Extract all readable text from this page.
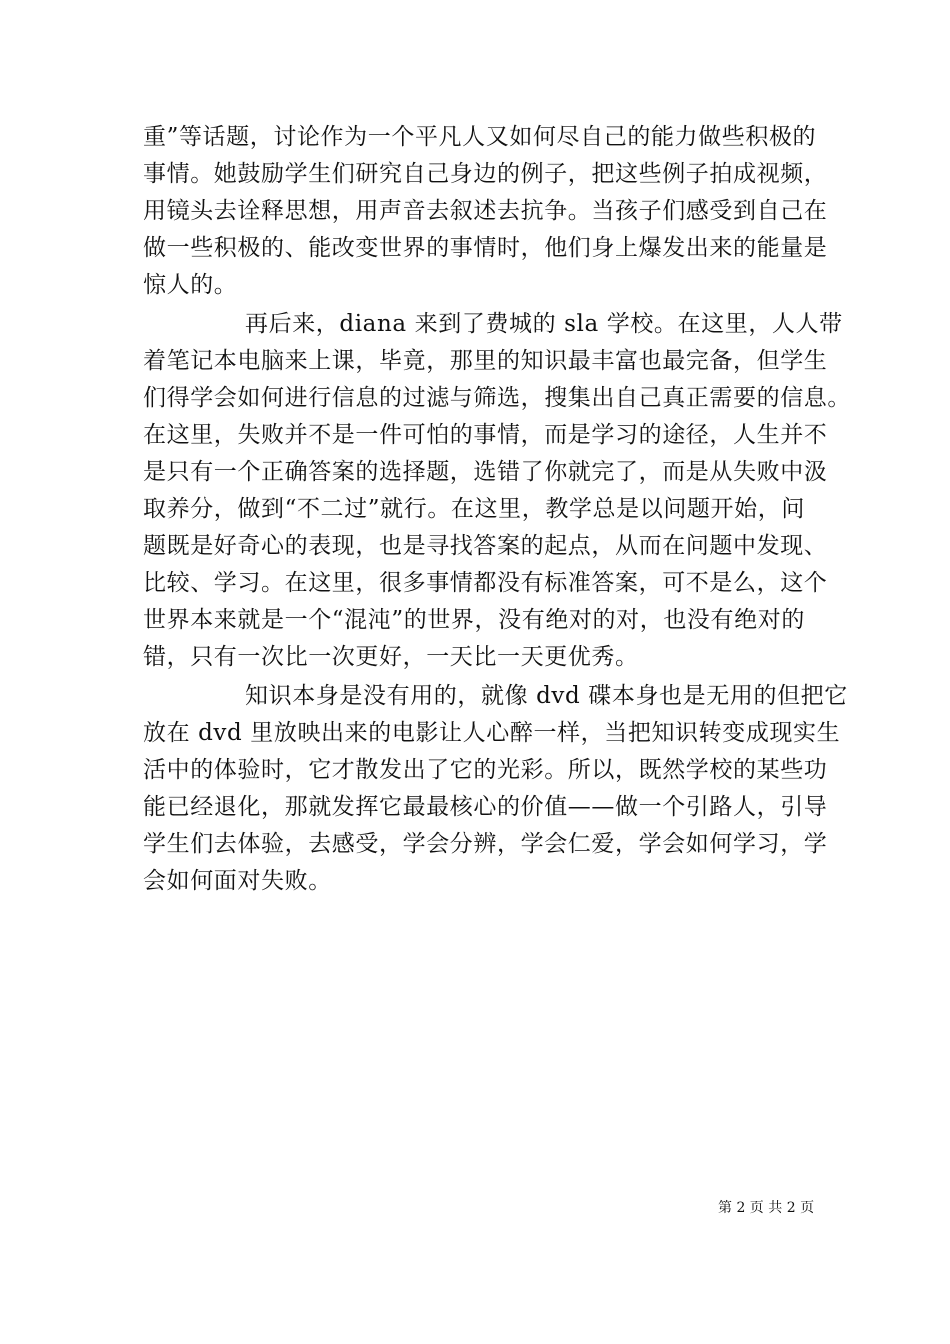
重”等话题，讨论作为一个平凡人又如何尽自己的能力做些积极的
事情。她鼓励学生们研究自己身边的例子，把这些例子拍成视频，
用镜头去诠释思想，用声音去叙述去抗争。当孩子们感受到自己在
做一些积极的、能改变世界的事情时，他们身上爆发出来的能量是
惊人的。
再后来，diana 来到了费城的 sla 学校。在这里，人人带
着笔记本电脑来上课，毕竟，那里的知识最丰富也最完备，但学生
们得学会如何进行信息的过滤与筛选，搜集出自己真正需要的信息。
在这里，失败并不是一件可怕的事情，而是学习的途径，人生并不
是只有一个正确答案的选择题，选错了你就完了，而是从失败中汲
取养分，做到“不二过”就行。在这里，教学总是以问题开始，问
题既是好奇心的表现，也是寻找答案的起点，从而在问题中发现、
比较、学习。在这里，很多事情都没有标准答案，可不是么，这个
世界本来就是一个“混沌”的世界，没有绝对的对，也没有绝对的
错，只有一次比一次更好，一天比一天更优秀。
知识本身是没有用的，就像 dvd 碟本身也是无用的但把它
放在 dvd 里放映出来的电影让人心醉一样，当把知识转变成现实生
活中的体验时，它才散发出了它的光彩。所以，既然学校的某些功
能已经退化，那就发挥它最最核心的价值——做一个引路人，引导
学生们去体验，去感受，学会分辨，学会仁爱，学会如何学习，学
会如何面对失败。
第 2 页 共 2 页
